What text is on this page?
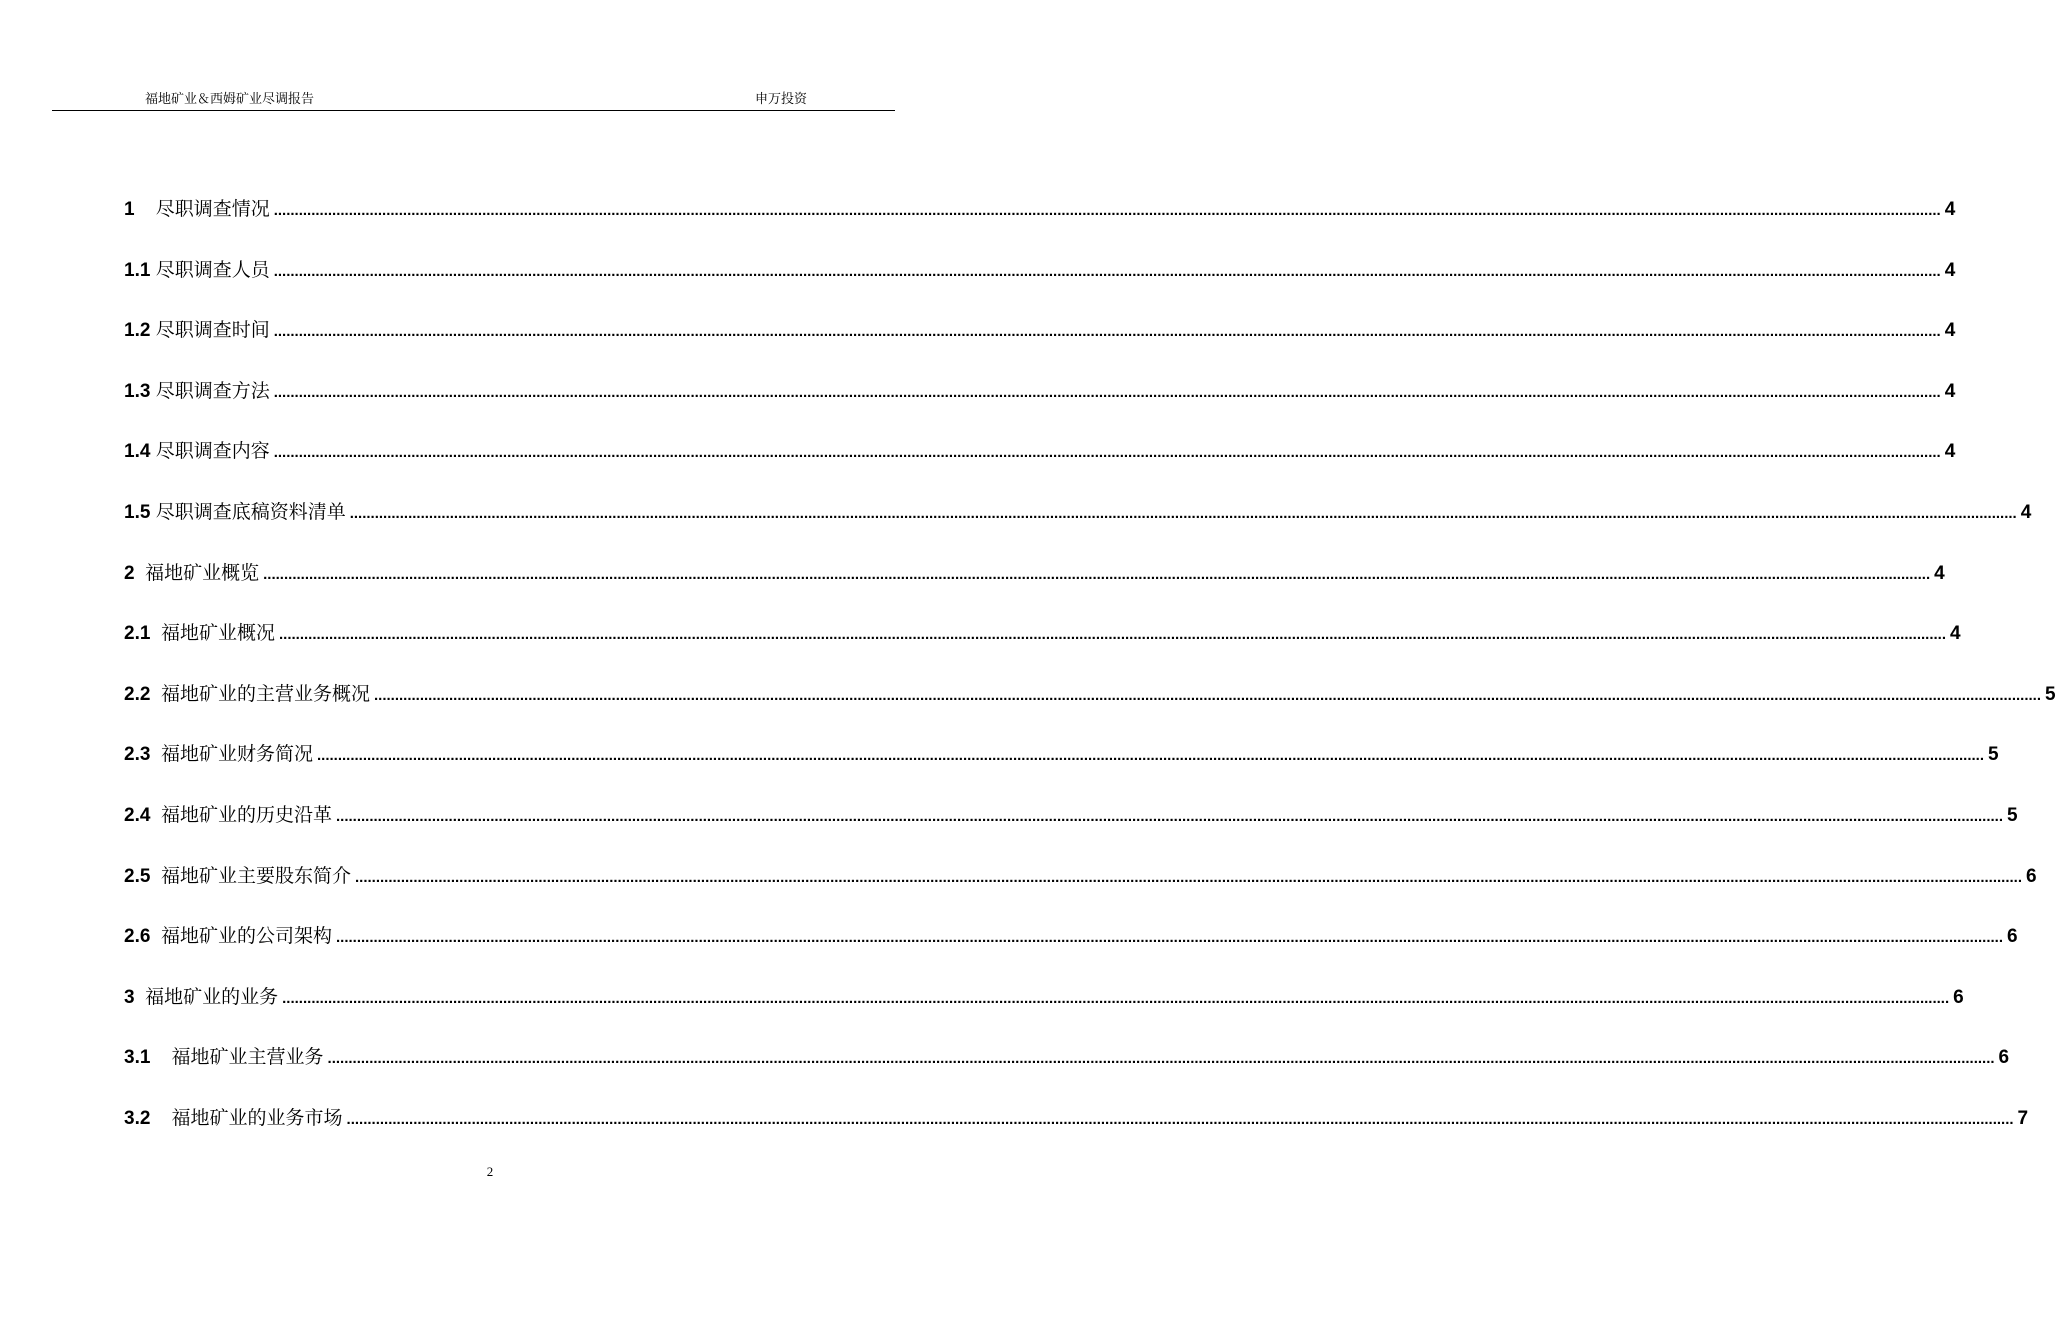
福地矿业＆西姆矿业尽调报告	申万投资
1 尽职调查情况 ................................................................................................................................................................................................................................................................................................................................................................................................................ 4
1.1 尽职调查人员 ................................................................................................................................................................................................................................................................................................................................................................................................................ 4
1.2 尽职调查时间 ................................................................................................................................................................................................................................................................................................................................................................................................................ 4
1.3 尽职调查方法 ................................................................................................................................................................................................................................................................................................................................................................................................................ 4
1.4 尽职调查内容 ................................................................................................................................................................................................................................................................................................................................................................................................................ 4
1.5 尽职调查底稿资料清单 ................................................................................................................................................................................................................................................................................................................................................................................................................ 4
2 福地矿业概览 ................................................................................................................................................................................................................................................................................................................................................................................................................ 4
2.1 福地矿业概况 ................................................................................................................................................................................................................................................................................................................................................................................................................ 4
2.2 福地矿业的主营业务概况 ................................................................................................................................................................................................................................................................................................................................................................................................................ 5
2.3 福地矿业财务简况 ................................................................................................................................................................................................................................................................................................................................................................................................................ 5
2.4 福地矿业的历史沿革 ................................................................................................................................................................................................................................................................................................................................................................................................................ 5
2.5 福地矿业主要股东简介 ................................................................................................................................................................................................................................................................................................................................................................................................................ 6
2.6 福地矿业的公司架构 ................................................................................................................................................................................................................................................................................................................................................................................................................ 6
3 福地矿业的业务 ................................................................................................................................................................................................................................................................................................................................................................................................................ 6
3.1 福地矿业主营业务 ................................................................................................................................................................................................................................................................................................................................................................................................................ 6
3.2 福地矿业的业务市场 ................................................................................................................................................................................................................................................................................................................................................................................................................ 7
2
